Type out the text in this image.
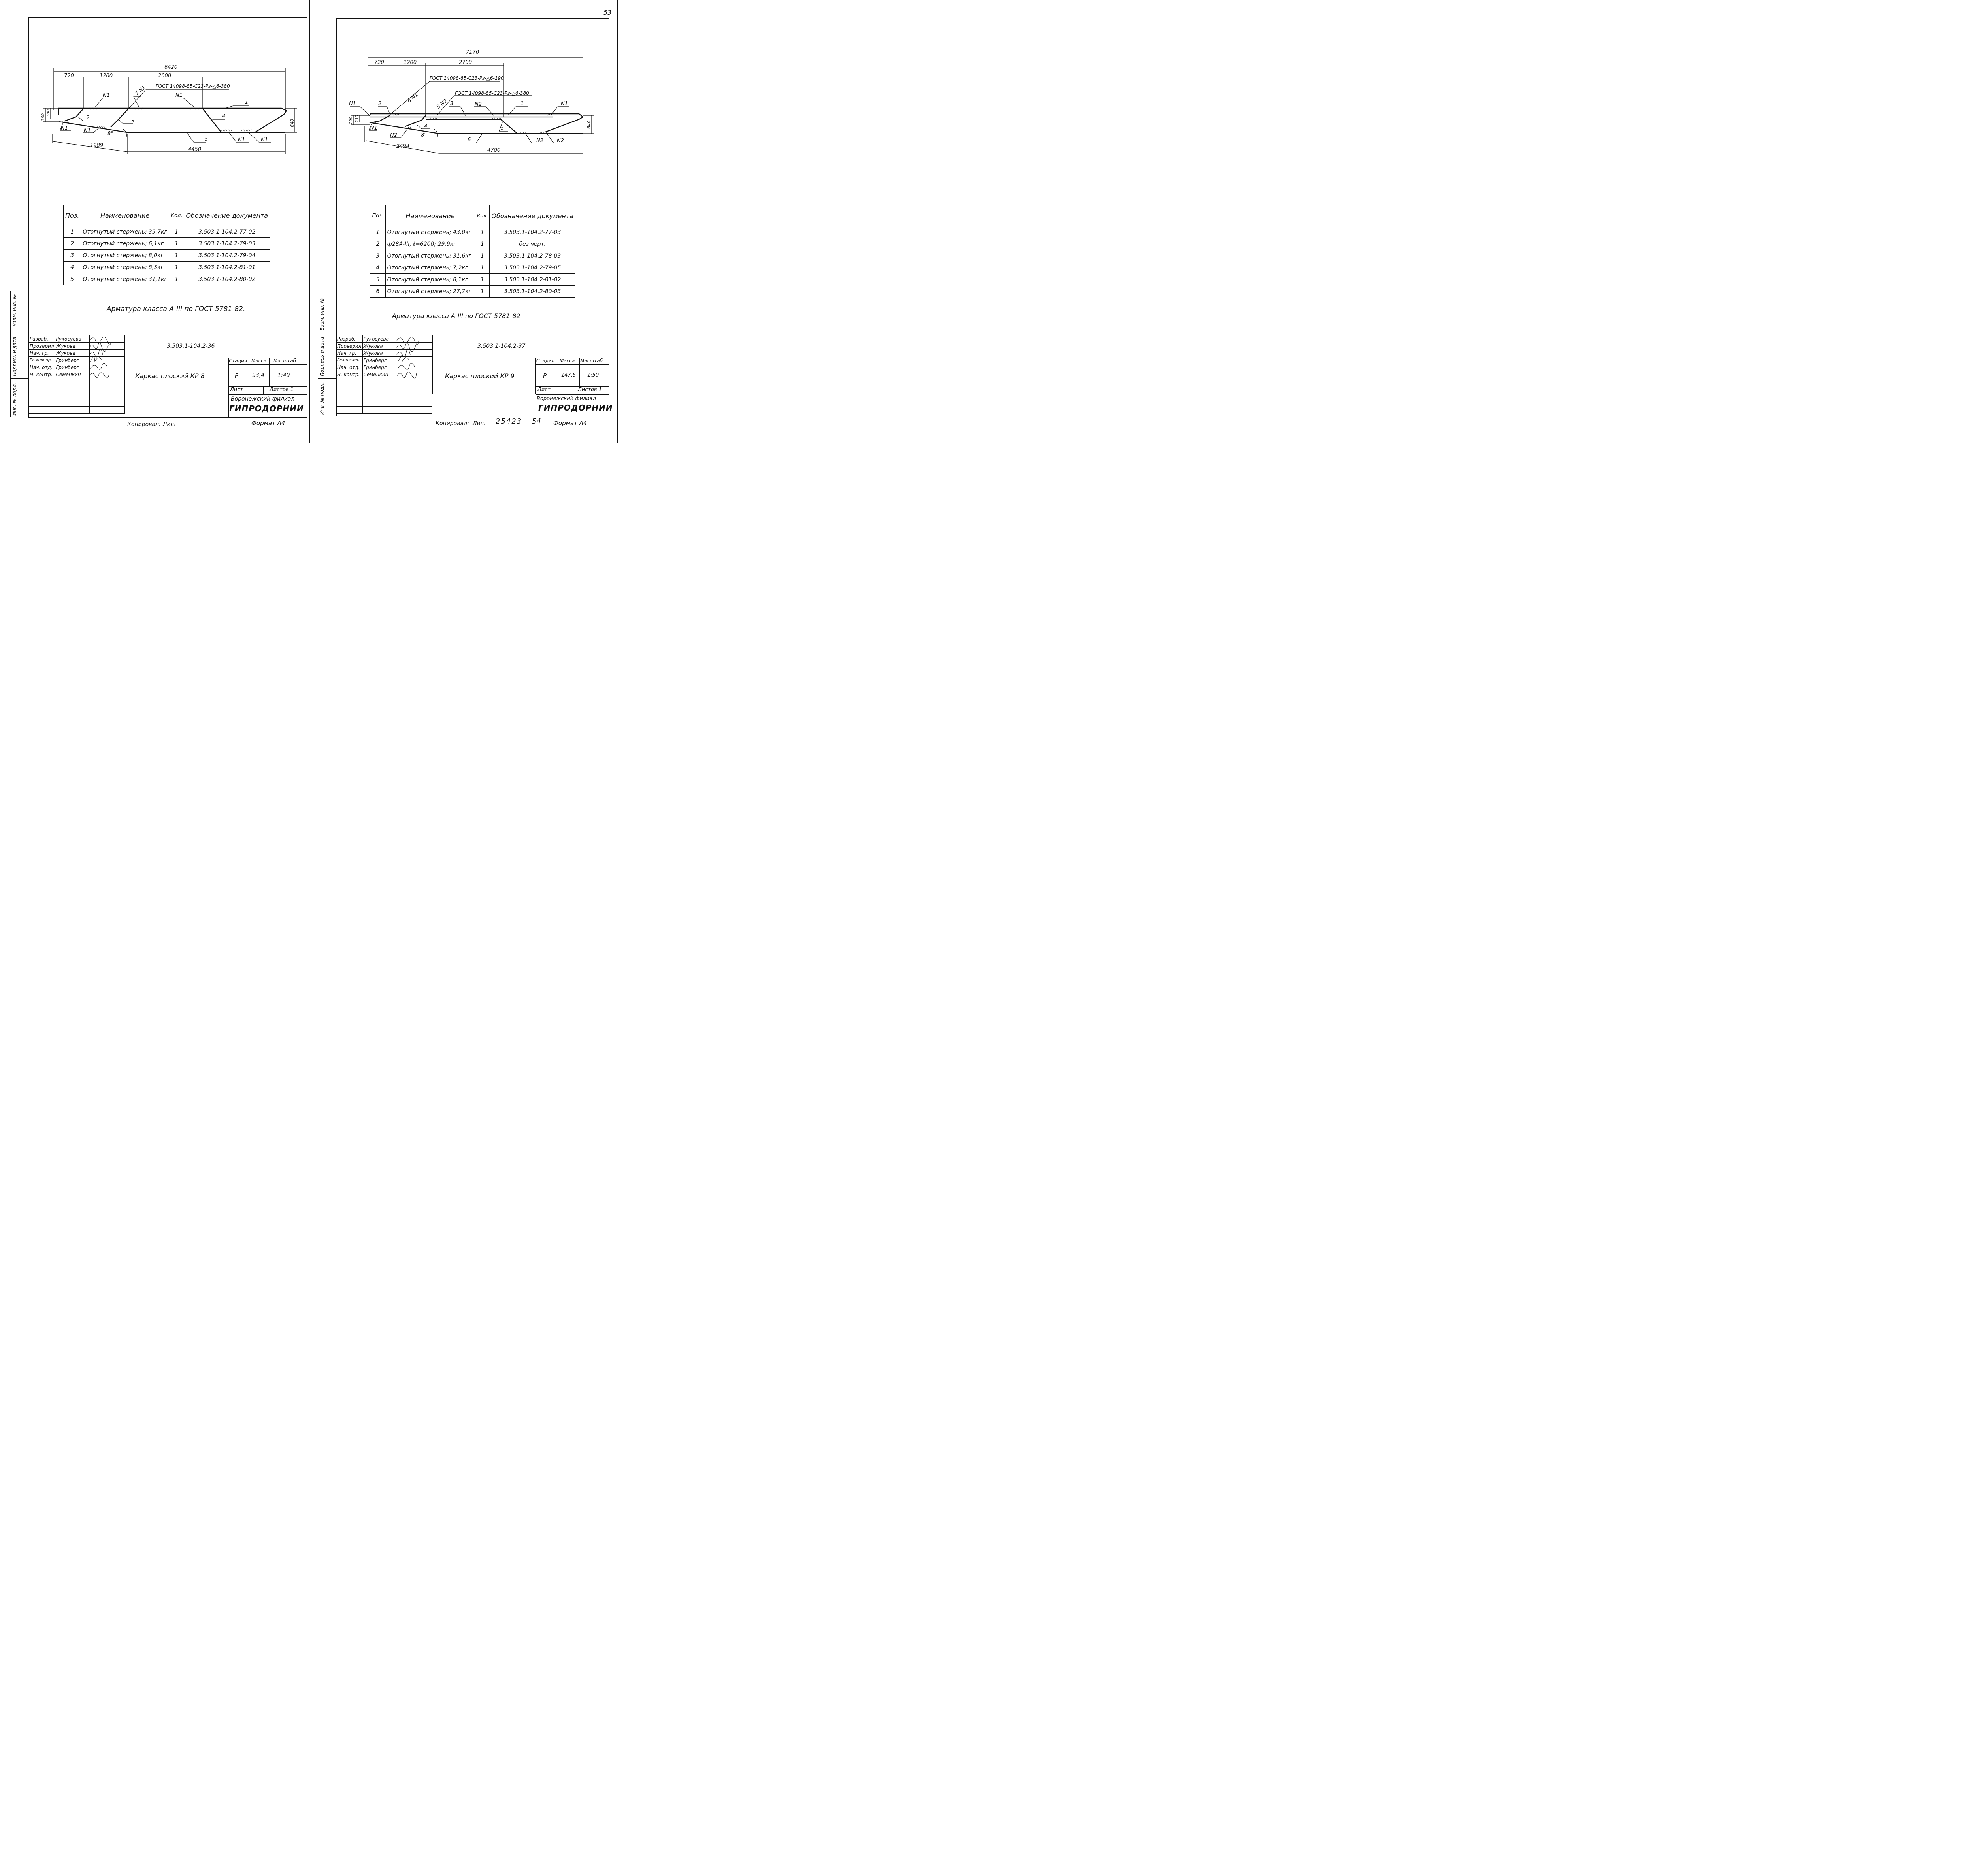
53
6420
720	1200	2000
ГОСТ 14098-85-С23-Рз-△6-380
N1	7 N1	N1
1
4
2
3
360
300
640
N1	N1
8°
5	N1	N1
1989
4450
Поз.	Наименование	Кол.	Обозначение документа
1	Отогнутый стержень; 39,7кг	1	3.503.1-104.2-77-02
2	Отогнутый стержень; 6,1кг	1	3.503.1-104.2-79-03
3	Отогнутый стержень; 8,0кг	1	3.503.1-104.2-79-04
4	Отогнутый стержень; 8,5кг	1	3.503.1-104.2-81-01
5	Отогнутый стержень; 31,1кг	1	3.503.1-104.2-80-02
Арматура класса А-III по ГОСТ 5781-82.
Взам. инв. №
Подпись и дата
Инв. № подл.
Разраб.	Рукосуева	
Проверил	Жукова	
Нач. гр.	Жукова	
Гл.инж.пр.	Гринберг	
Нач. отд.	Гринберг	
Н. контр.	Семенкин	

3.503.1-104.2-36
Каркас плоский КР 8
Стадия Масса Масштаб
Р 93,4 1:40
Лист	Листов 1
Воронежский филиал
ГИПРОДОРНИИ
Копировал: Лиш	Формат А4
7170
720	1200	2700
ГОСТ 14098-85-С23-Рз-△6-190
ГОСТ 14098-85-С23-Рз-△6-380
6 N1
5 N2
N1	2	3	N2	1	N1
290 230
640
5
N1	4
N2	8°
6	N2	N2
2494
4700
Поз.	Наименование	Кол.	Обозначение документа
1	Отогнутый стержень; 43,0кг	1	3.503.1-104.2-77-03
2	ф28А-III, ℓ=6200; 29,9кг	1	без черт.
3	Отогнутый стержень; 31,6кг	1	3.503.1-104.2-78-03
4	Отогнутый стержень; 7,2кг	1	3.503.1-104.2-79-05
5	Отогнутый стержень; 8,1кг	1	3.503.1-104.2-81-02
6	Отогнутый стержень; 27,7кг	1	3.503.1-104.2-80-03
Арматура класса А-III по ГОСТ 5781-82
Взам. инв. №
Подпись и дата
Инв. № подл.
Разраб.	Рукосуева	
Проверил	Жукова	
Нач. гр.	Жукова	
Гл.инж.пр.	Гринберг	
Нач. отд.	Гринберг	
Н. контр.	Семенкин	

3.503.1-104.2-37
Каркас плоский КР 9
Стадия Масса Масштаб
Р	147,5 1:50
Лист	Листов 1
Воронежский филиал
ГИПРОДОРНИИ
Копировал: Лиш 25423 54 Формат А4
